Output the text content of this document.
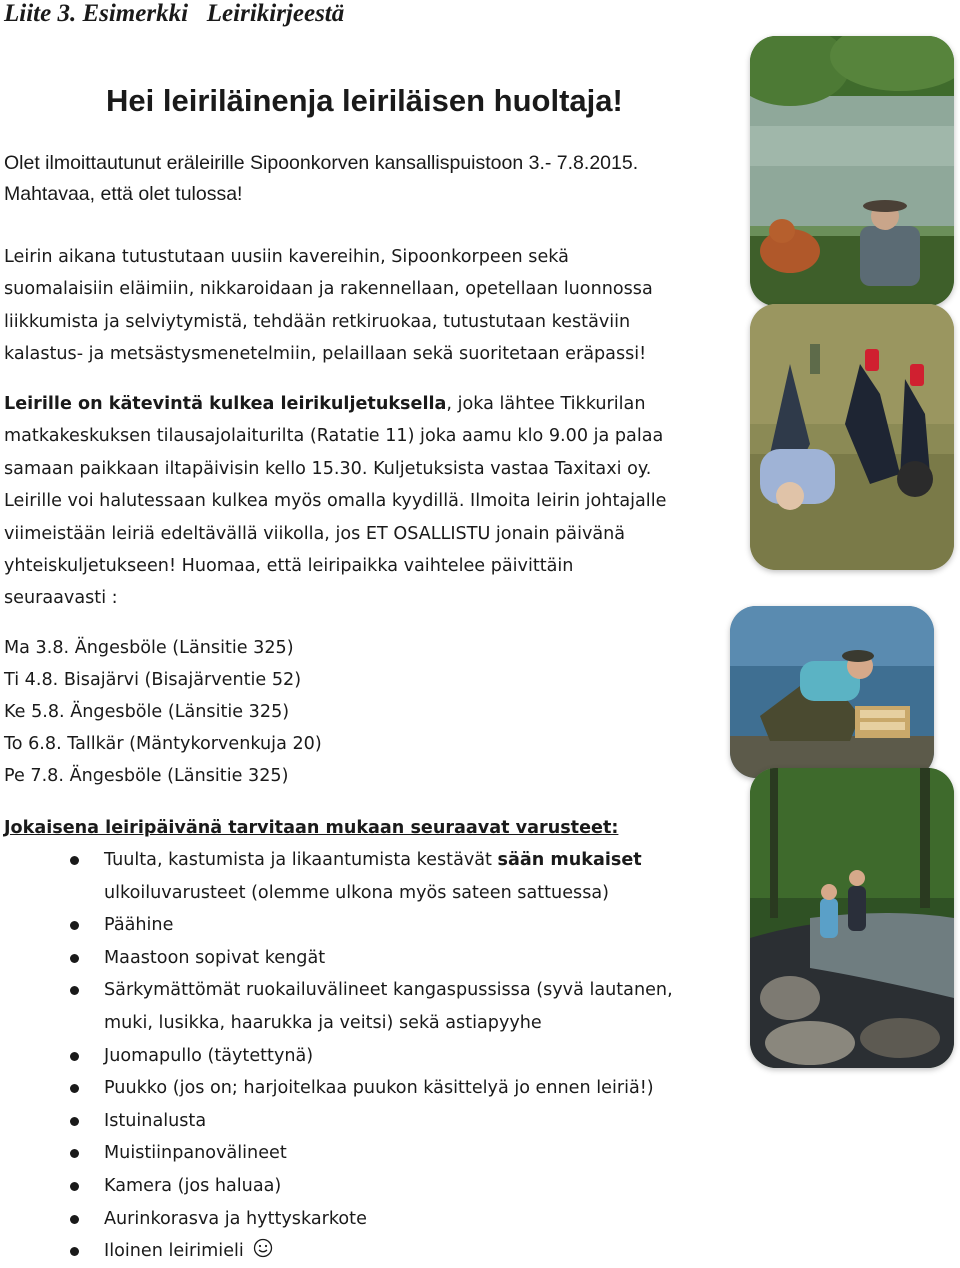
Liite 3. Esimerkki   Leirikirjeestä
Hei leiriläinenja leiriläisen huoltaja!
Olet ilmoittautunut eräleirille Sipoonkorven kansallispuistoon 3.- 7.8.2015.
Mahtavaa, että olet tulossa!
Leirin aikana tutustutaan uusiin kavereihin, Sipoonkorpeen sekä
suomalaisiin eläimiin, nikkaroidaan ja rakennellaan, opetellaan luonnossa
liikkumista ja selviytymistä, tehdään retkiruokaa, tutustutaan kestäviin
kalastus- ja metsästysmenetelmiin, pelaillaan sekä suoritetaan eräpassi!
Leirille on kätevintä kulkea leirikuljetuksella, joka lähtee Tikkurilan
matkakeskuksen tilausajolaiturilta (Ratatie 11) joka aamu klo 9.00 ja palaa
samaan paikkaan iltapäivisin kello 15.30. Kuljetuksista vastaa Taxitaxi oy.
Leirille voi halutessaan kulkea myös omalla kyydillä. Ilmoita leirin johtajalle
viimeistään leiriä edeltävällä viikolla, jos ET OSALLISTU jonain päivänä
yhteiskuljetukseen! Huomaa, että leiripaikka vaihtelee päivittäin
seuraavasti :
Ma 3.8. Ängesböle (Länsitie 325)
Ti 4.8. Bisajärvi (Bisajärventie 52)
Ke 5.8. Ängesböle (Länsitie 325)
To 6.8. Tallkär (Mäntykorvenkuja 20)
Pe 7.8. Ängesböle (Länsitie 325)
Jokaisena leiripäivänä tarvitaan mukaan seuraavat varusteet:
Tuulta, kastumista ja likaantumista kestävät sään mukaiset
ulkoiluvarusteet (olemme ulkona myös sateen sattuessa)
Päähine
Maastoon sopivat kengät
Särkymättömät ruokailuvälineet kangaspussissa (syvä lautanen,
muki, lusikka, haarukka ja veitsi) sekä astiapyyhe
Juomapullo (täytettynä)
Puukko (jos on; harjoitelkaa puukon käsittelyä jo ennen leiriä!)
Istuinalusta
Muistiinpanovälineet
Kamera (jos haluaa)
Aurinkorasva ja hyttyskarkote
Iloinen leirimieli
